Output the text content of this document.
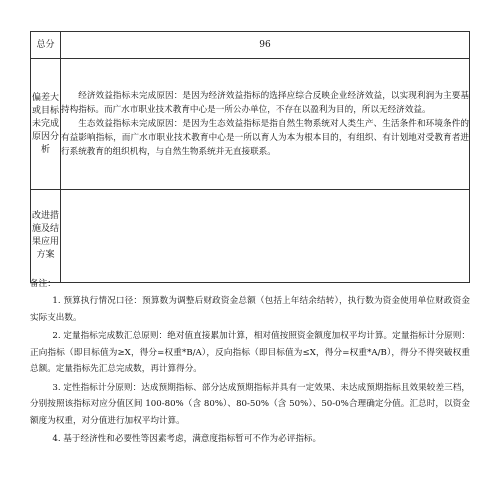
总分	96
偏差大或目标未完成原因分析	经济效益指标未完成原因：是因为经济效益指标的选择应综合反映企业经济效益，以实现利润为主要基持构指标。而广水市职业技术教育中心是一所公办单位，不存在以盈利为目的，所以无经济效益。

生态效益指标未完成原因：是因为生态效益指标是指自然生物系统对人类生产、生活条件和环境条件的有益影响指标，而广水市职业技术教育中心是一所以育人为本为根本目的，有组织、有计划地对受教育者进行系统教育的组织机构，与自然生物系统并无直接联系。

改进措施及结果应用方案	
备注：

1. 预算执行情况口径：预算数为调整后财政资金总额（包括上年结余结转），执行数为资金使用单位财政资金实际支出数。

2. 定量指标完成数汇总原则：绝对值直接累加计算，相对值按照资金额度加权平均计算。定量指标计分原则：正向指标（即目标值为≥X，得分=权重*B/A），反向指标（即目标值为≤X，得分=权重*A/B），得分不得突破权重总额。定量指标先汇总完成数，再计算得分。

3. 定性指标计分原则：达成预期指标、部分达成预期指标并具有一定效果、未达成预期指标且效果较差三档，分别按照该指标对应分值区间 100-80%（含 80%）、80-50%（含 50%）、50-0%合理确定分值。汇总时，以资金额度为权重，对分值进行加权平均计算。

4. 基于经济性和必要性等因素考虑，满意度指标暂可不作为必评指标。
